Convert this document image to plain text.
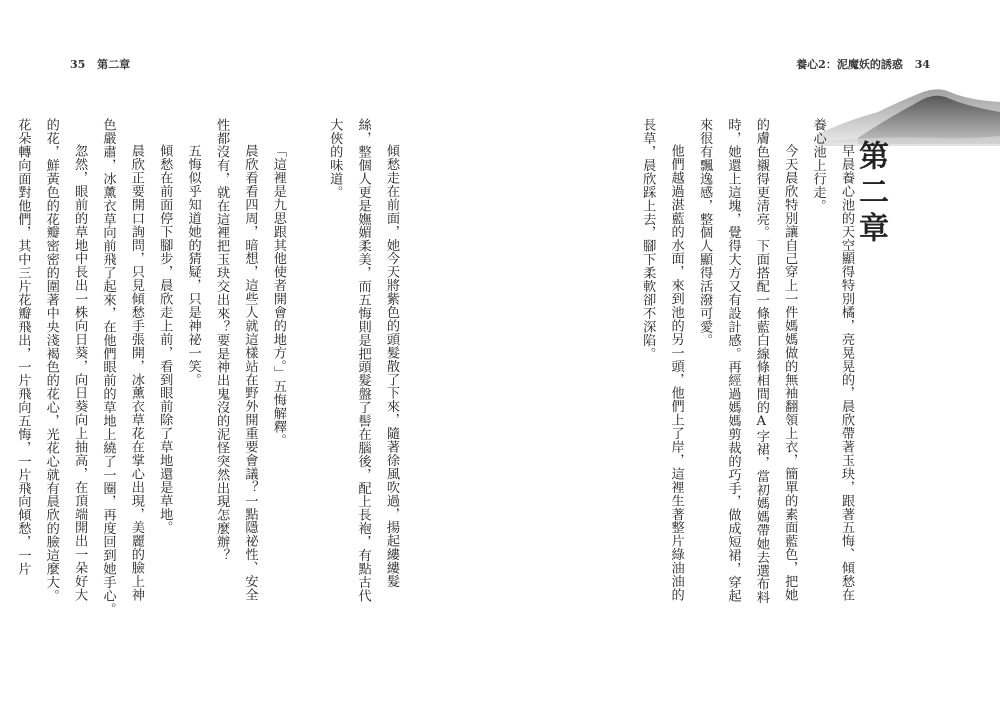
35 第二章
傾愁走在前面，她今天將紫色的頭髮散了下來，隨著徐風吹過，揚起縷縷髮
絲，整個人更是嫵媚柔美，而五悔則是把頭髮盤了髻在腦後，配上長袍，有點古代
大俠的味道。
「這裡是九思跟其他使者開會的地方。」五悔解釋。
晨欣看看四周，暗想，這些人就這樣站在野外開重要會議？一點隱祕性、安全
性都沒有，就在這裡把玉玦交出來？要是神出鬼沒的泥怪突然出現怎麼辦？
五悔似乎知道她的猜疑，只是神祕一笑。
傾愁在前面停下腳步，晨欣走上前，看到眼前除了草地還是草地。
晨欣正要開口詢問，只見傾愁手張開，冰薰衣草花在掌心出現，美麗的臉上神
色嚴肅，冰薰衣草向前飛了起來，在他們眼前的草地上繞了一圈，再度回到她手心。
忽然，眼前的草地中長出一株向日葵，向日葵向上抽高，在頂端開出一朵好大
的花，鮮黃色的花瓣密密的圍著中央淺褐色的花心，光花心就有晨欣的臉這麼大。
花朵轉向面對他們，其中三片花瓣飛出，一片飛向五悔，一片飛向傾愁，一片
養心2：泥魔妖的誘惑 34
第二章
早晨養心池的天空顯得特別橘，亮晃晃的，晨欣帶著玉玦，跟著五悔、傾愁在
養心池上行走。
今天晨欣特別讓自己穿上一件媽媽做的無袖翻領上衣，簡單的素面藍色，把她
的膚色襯得更清亮。下面搭配一條藍白線條相間的A字裙，當初媽媽帶她去選布料
時，她還上這塊，覺得大方又有設計感。再經過媽媽剪裁的巧手，做成短裙，穿起
來很有飄逸感，整個人顯得活潑可愛。
他們越過湛藍的水面，來到池的另一頭，他們上了岸，這裡生著整片綠油油的
長草，晨欣踩上去，腳下柔軟卻不深陷。
